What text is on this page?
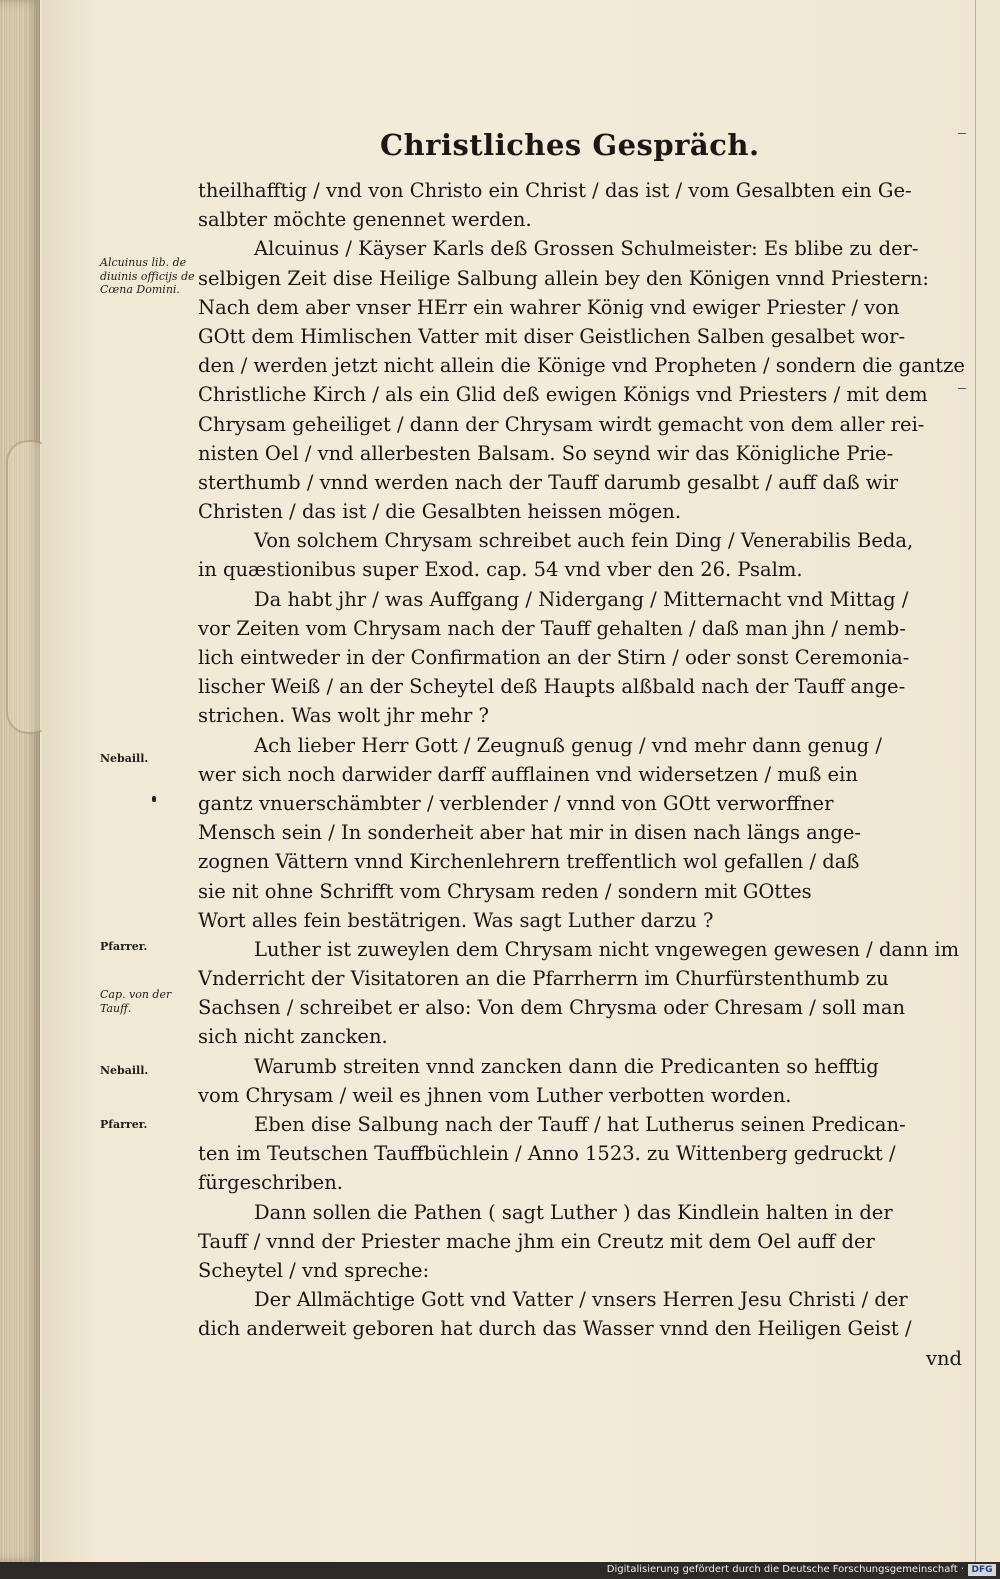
Christliches Gespräch.
Alcuinus lib. de diuinis officijs de Cœna Domini.
Nebaill.
Pfarrer.
Cap. von der Tauff.
Nebaill.
Pfarrer.
theilhafftig / vnd von Christo ein Christ / das ist / vom Gesalbten ein Ge-
salbter möchte genennet werden.
Alcuinus / Käyser Karls deß Grossen Schulmeister: Es blibe zu der-
selbigen Zeit dise Heilige Salbung allein bey den Königen vnnd Priestern:
Nach dem aber vnser HErr ein wahrer König vnd ewiger Priester / von
GOtt dem Himlischen Vatter mit diser Geistlichen Salben gesalbet wor-
den / werden jetzt nicht allein die Könige vnd Propheten / sondern die gantze
Christliche Kirch / als ein Glid deß ewigen Königs vnd Priesters / mit dem
Chrysam geheiliget / dann der Chrysam wirdt gemacht von dem aller rei-
nisten Oel / vnd allerbesten Balsam. So seynd wir das Königliche Prie-
sterthumb / vnnd werden nach der Tauff darumb gesalbt / auff daß wir
Christen / das ist / die Gesalbten heissen mögen.
Von solchem Chrysam schreibet auch fein Ding / Venerabilis Beda,
in quæstionibus super Exod. cap. 54 vnd vber den 26. Psalm.
Da habt jhr / was Auffgang / Nidergang / Mitternacht vnd Mittag /
vor Zeiten vom Chrysam nach der Tauff gehalten / daß man jhn / nemb-
lich eintweder in der Confirmation an der Stirn / oder sonst Ceremonia-
lischer Weiß / an der Scheytel deß Haupts alßbald nach der Tauff ange-
strichen. Was wolt jhr mehr ?
Ach lieber Herr Gott / Zeugnuß genug / vnd mehr dann genug /
wer sich noch darwider darff aufflainen vnd widersetzen / muß ein
gantz vnuerschämbter / verblender / vnnd von GOtt verworffner
Mensch sein / In sonderheit aber hat mir in disen nach längs ange-
zognen Vättern vnnd Kirchenlehrern treffentlich wol gefallen / daß
sie nit ohne Schrifft vom Chrysam reden / sondern mit GOttes
Wort alles fein bestätrigen. Was sagt Luther darzu ?
Luther ist zuweylen dem Chrysam nicht vngewegen gewesen / dann im
Vnderricht der Visitatoren an die Pfarrherrn im Churfürstenthumb zu
Sachsen / schreibet er also: Von dem Chrysma oder Chresam / soll man
sich nicht zancken.
Warumb streiten vnnd zancken dann die Predicanten so hefftig
vom Chrysam / weil es jhnen vom Luther verbotten worden.
Eben dise Salbung nach der Tauff / hat Lutherus seinen Predican-
ten im Teutschen Tauffbüchlein / Anno 1523. zu Wittenberg gedruckt /
fürgeschriben.
Dann sollen die Pathen ( sagt Luther ) das Kindlein halten in der
Tauff / vnnd der Priester mache jhm ein Creutz mit dem Oel auff der
Scheytel / vnd spreche:
Der Allmächtige Gott vnd Vatter / vnsers Herren Jesu Christi / der
dich anderweit geboren hat durch das Wasser vnnd den Heiligen Geist /
vnd
Digitalisierung gefördert durch die Deutsche Forschungsgemeinschaft · DFG
